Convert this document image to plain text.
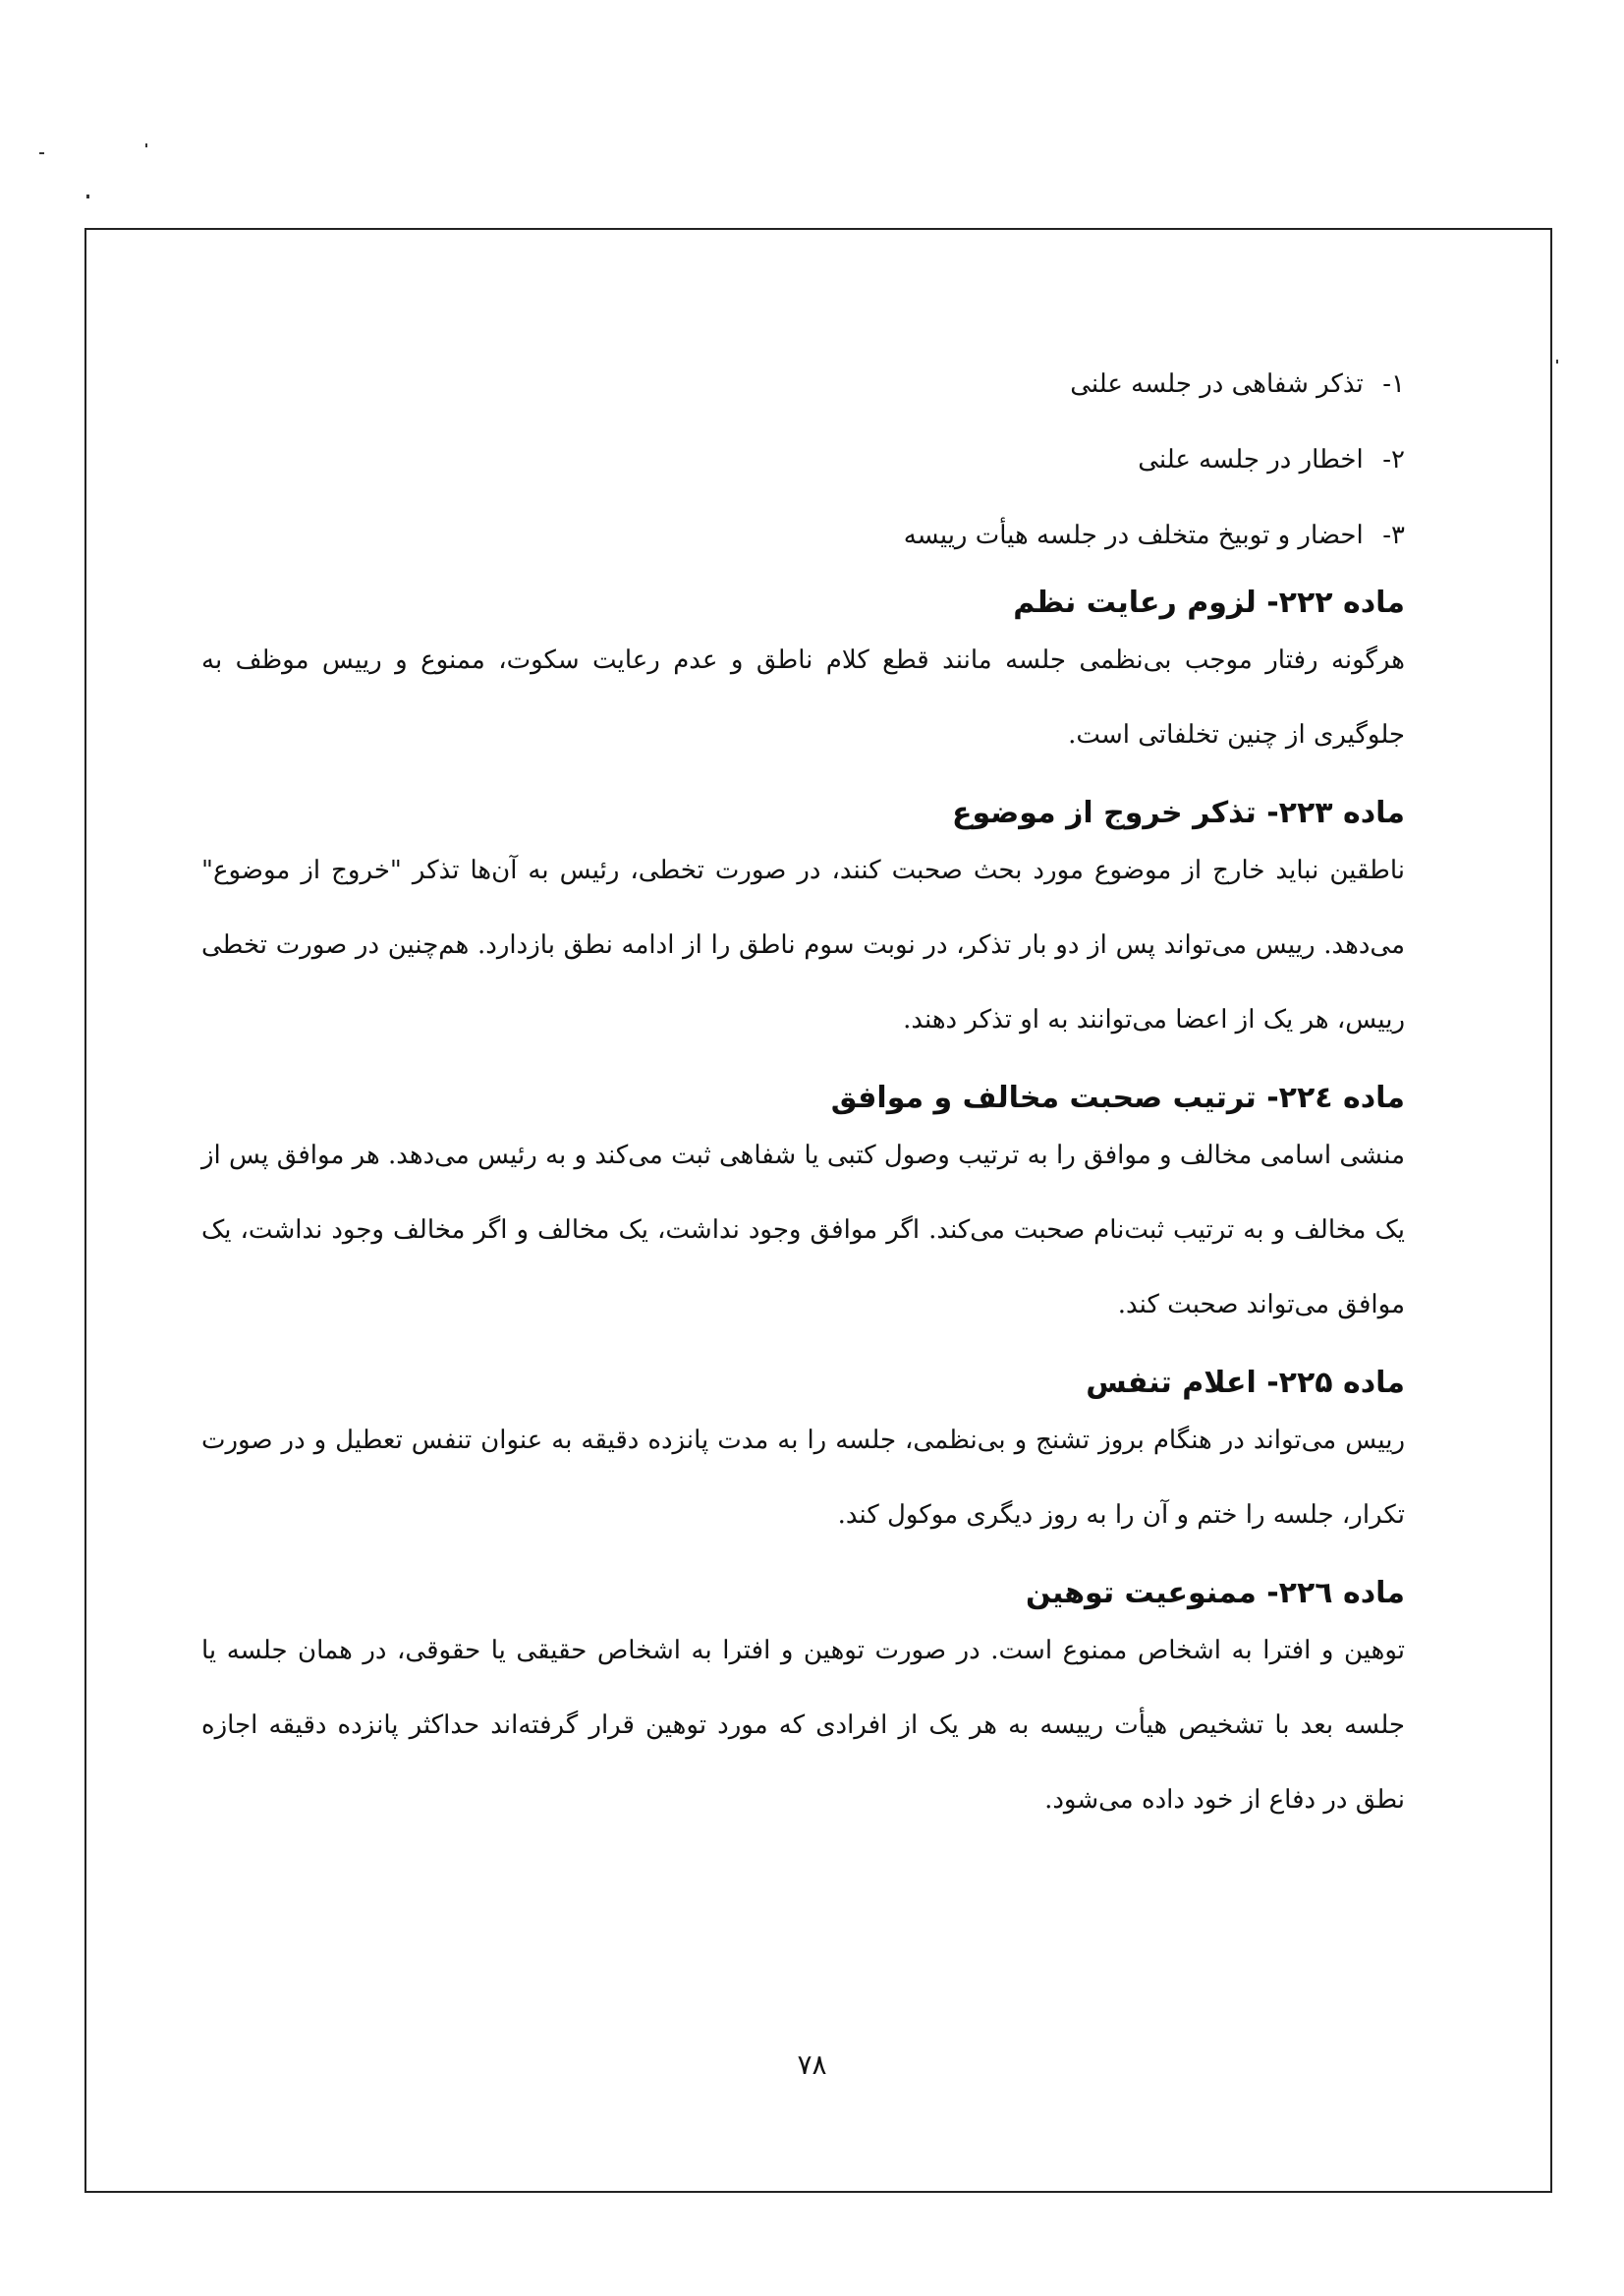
۱- تذکر شفاهی در جلسه علنی
۲- اخطار در جلسه علنی
۳- احضار و توبیخ متخلف در جلسه هیأت رییسه
ماده ۲۲۲- لزوم رعایت نظم

هرگونه رفتار موجب بی‌نظمی جلسه مانند قطع کلام ناطق و عدم رعایت سکوت، ممنوع و رییس موظف به جلوگیری از چنین تخلفاتی است.

ماده ۲۲۳- تذکر خروج از موضوع

ناطقین نباید خارج از موضوع مورد بحث صحبت کنند، در صورت تخطی، رئیس به آن‌ها تذکر "خروج از موضوع" می‌دهد. رییس می‌تواند پس از دو بار تذکر، در نوبت سوم ناطق را از ادامه نطق بازدارد. هم‌چنین در صورت تخطی رییس، هر یک از اعضا می‌توانند به او تذکر دهند.

ماده ۲۲٤- ترتیب صحبت مخالف و موافق

منشی اسامی مخالف و موافق را به ترتیب وصول کتبی یا شفاهی ثبت می‌کند و به رئیس می‌دهد. هر موافق پس از یک مخالف و به ترتیب ثبت‌نام صحبت می‌کند. اگر موافق وجود نداشت، یک مخالف و اگر مخالف وجود نداشت، یک موافق می‌تواند صحبت کند.

ماده ۲۲۵- اعلام تنفس

رییس می‌تواند در هنگام بروز تشنج و بی‌نظمی، جلسه را به مدت پانزده دقیقه به عنوان تنفس تعطیل و در صورت تکرار، جلسه را ختم و آن را به روز دیگری موکول کند.

ماده ۲۲٦- ممنوعیت توهین

توهین و افترا به اشخاص ممنوع است. در صورت توهین و افترا به اشخاص حقیقی یا حقوقی، در همان جلسه یا جلسه بعد با تشخیص هیأت رییسه به هر یک از افرادی که مورد توهین قرار گرفته‌اند حداکثر پانزده دقیقه اجازه نطق در دفاع از خود داده می‌شود.

۷۸
